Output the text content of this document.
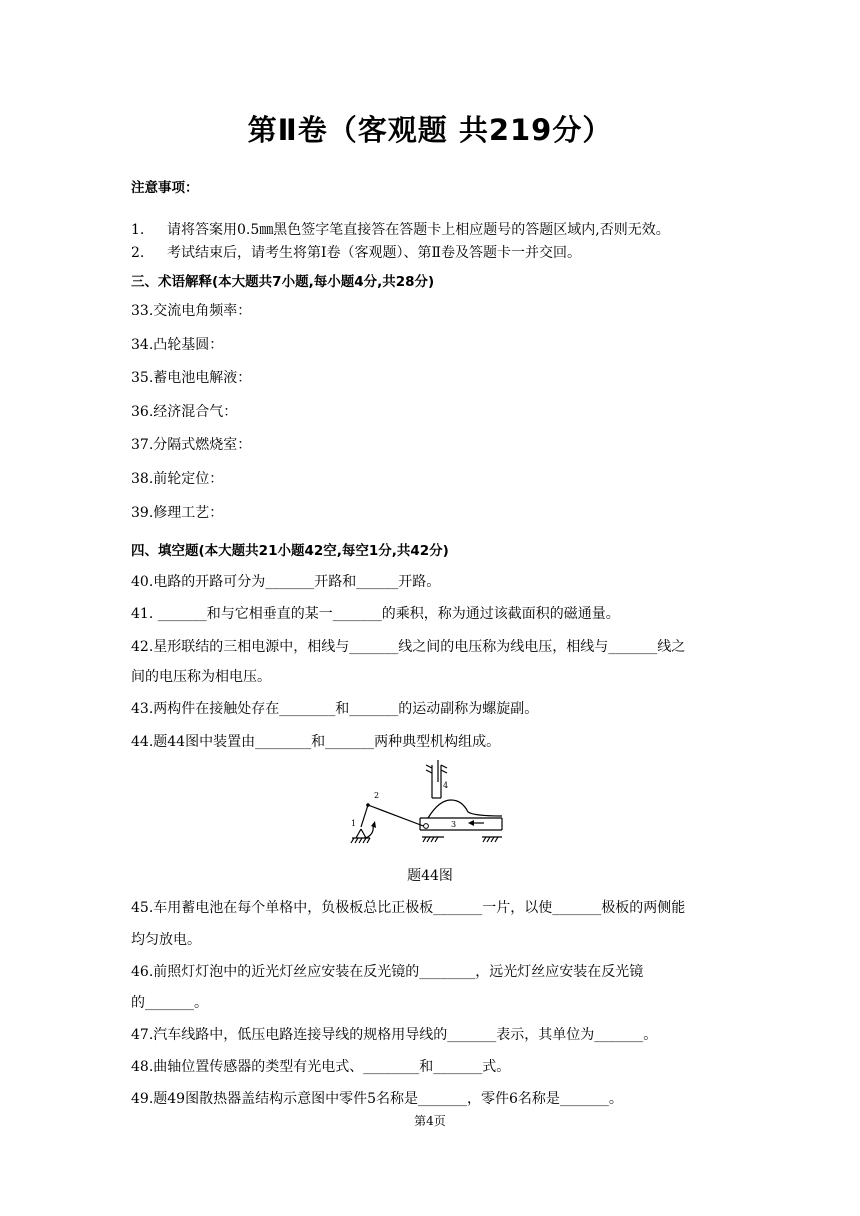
第Ⅱ卷（客观题 共219分）
注意事项：
1. 请将答案用0.5㎜黑色签字笔直接答在答题卡上相应题号的答题区域内,否则无效。
2. 考试结束后，请考生将第Ⅰ卷（客观题）、第Ⅱ卷及答题卡一并交回。
三、术语解释(本大题共7小题,每小题4分,共28分)
33.交流电角频率：
34.凸轮基圆：
35.蓄电池电解液：
36.经济混合气：
37.分隔式燃烧室：
38.前轮定位：
39.修理工艺：
四、填空题(本大题共21小题42空,每空1分,共42分)
40.电路的开路可分为_______开路和______开路。
41. _______和与它相垂直的某一_______的乘积，称为通过该截面积的磁通量。
42.星形联结的三相电源中，相线与_______线之间的电压称为线电压，相线与_______线之
间的电压称为相电压。
43.两构件在接触处存在________和_______的运动副称为螺旋副。
44.题44图中装置由________和_______两种典型机构组成。
1
2
3
4
题44图
45.车用蓄电池在每个单格中，负极板总比正极板_______一片，以使_______极板的两侧能
均匀放电。
46.前照灯灯泡中的近光灯丝应安装在反光镜的________，远光灯丝应安装在反光镜
的_______。
47.汽车线路中，低压电路连接导线的规格用导线的_______表示，其单位为_______。
48.曲轴位置传感器的类型有光电式、________和_______式。
49.题49图散热器盖结构示意图中零件5名称是_______，零件6名称是_______。
第4页
